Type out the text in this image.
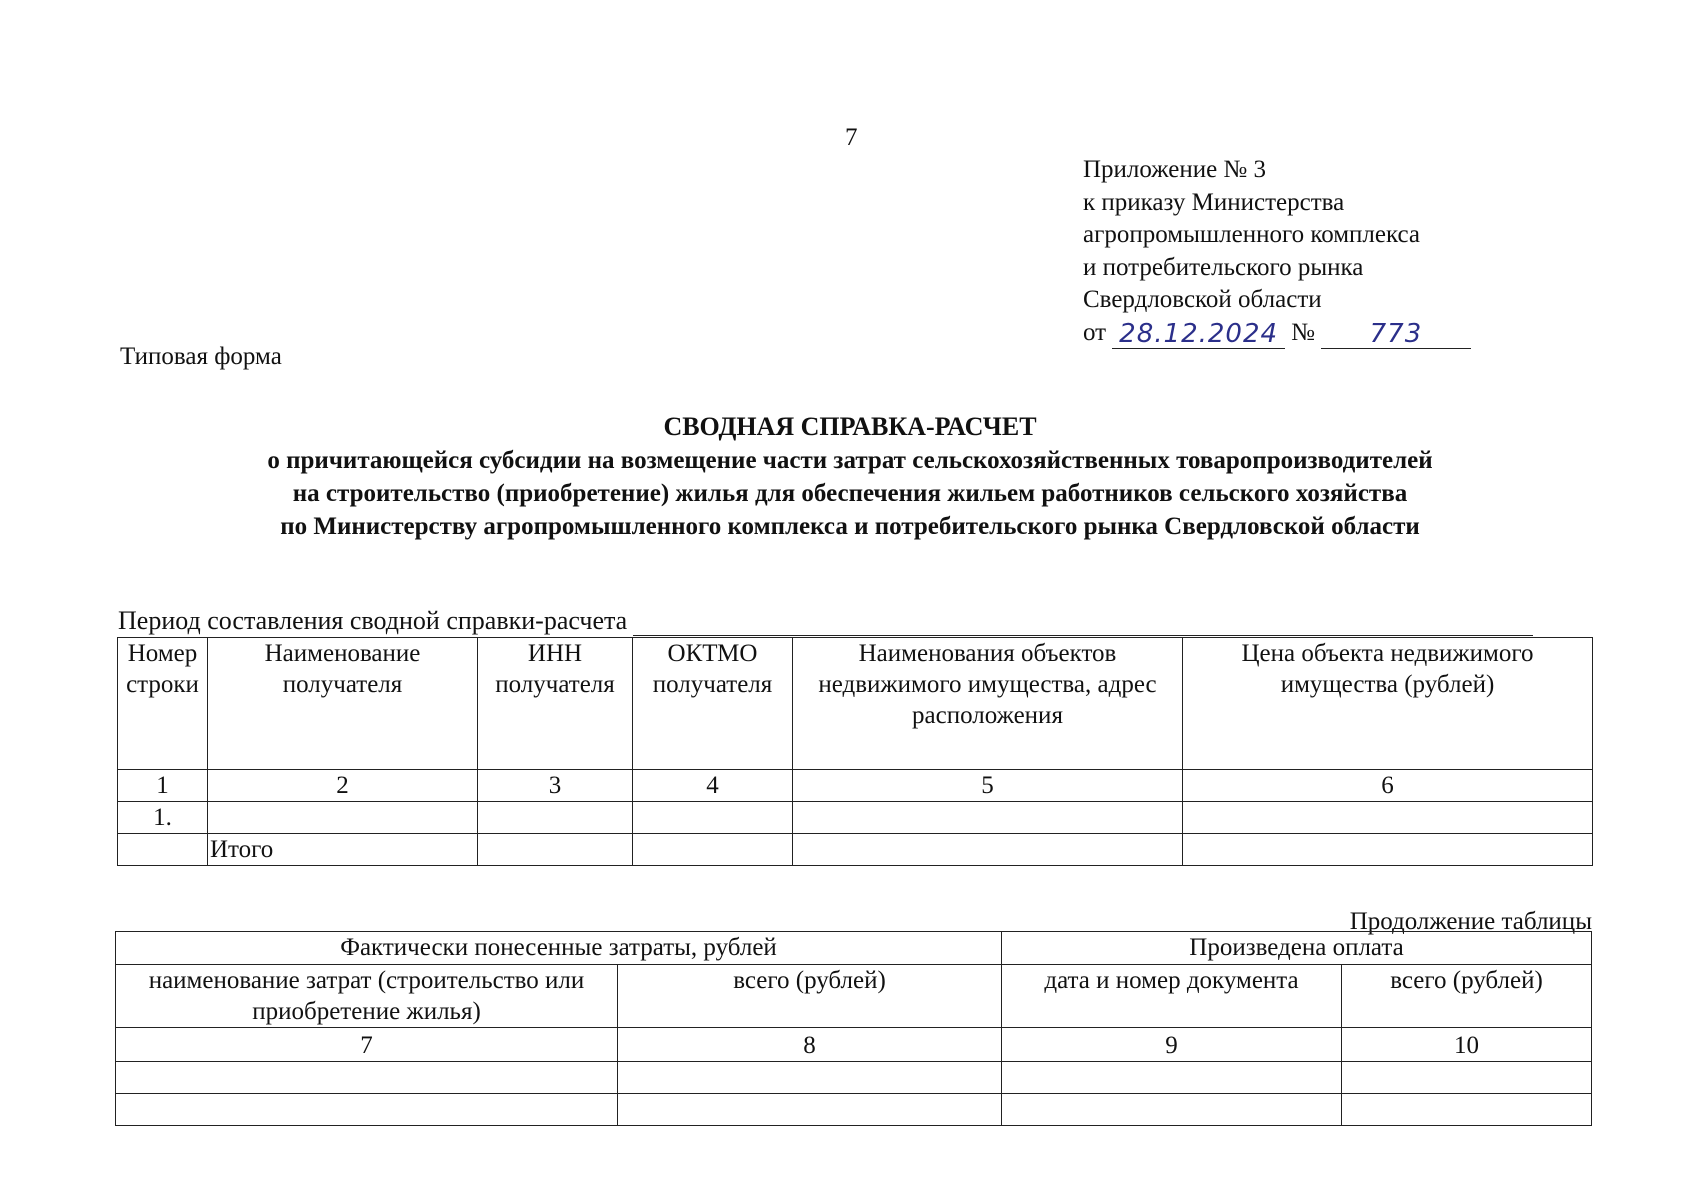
7
Приложение № 3
к приказу Министерства
агропромышленного комплекса
и потребительского рынка
Свердловской области
от 28.12.2024 №	773
Типовая форма
СВОДНАЯ СПРАВКА-РАСЧЕТ
о причитающейся субсидии на возмещение части затрат сельскохозяйственных товаропроизводителей
на строительство (приобретение) жилья для обеспечения жильем работников сельского хозяйства
по Министерству агропромышленного комплекса и потребительского рынка Свердловской области
Период составления сводной справки-расчета
Номер строки	Наименование получателя	ИНН получателя	ОКТМО получателя	Наименования объектов недвижимого имущества, адрес расположения	Цена объекта недвижимого имущества (рублей)
1	2	3	4	5	6
1.					
	Итого				
Продолжение таблицы
Фактически понесенные затраты, рублей		Произведена оплата	
наименование затрат (строительство или приобретение жилья)	всего (рублей)	дата и номер документа	всего (рублей)
7	8	9	10
